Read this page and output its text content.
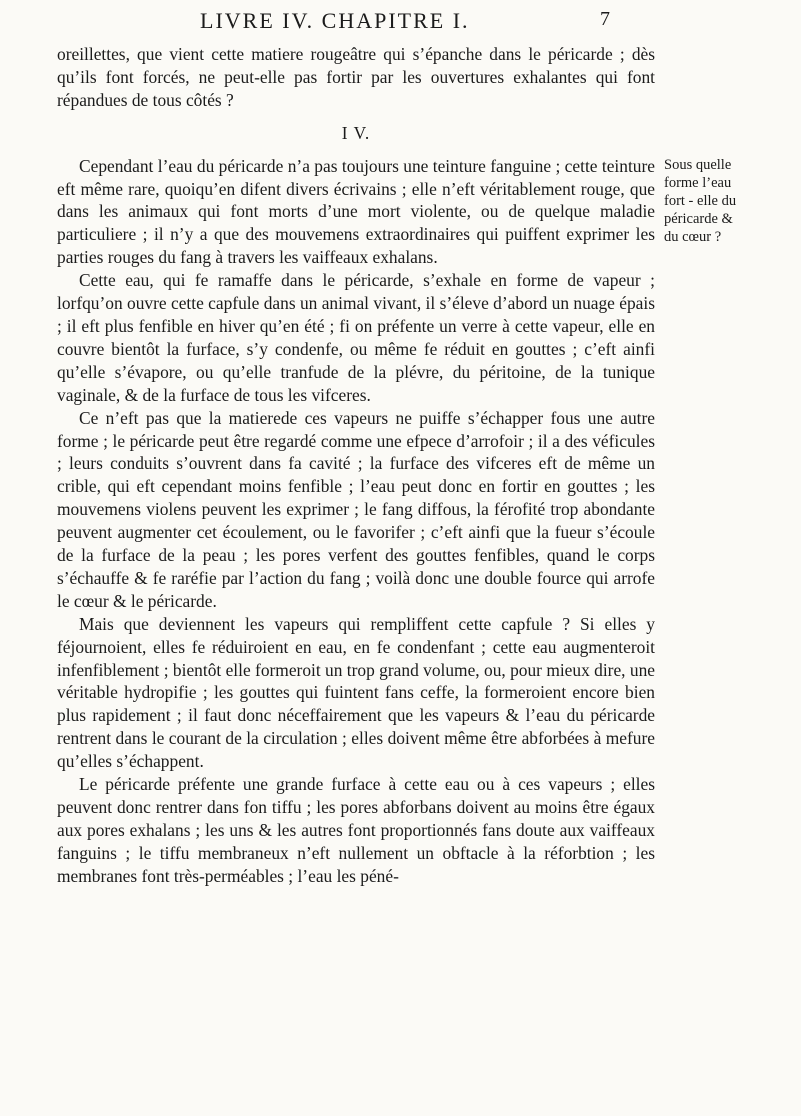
LIVRE IV. CHAPITRE I.	7

oreillettes, que vient cette matiere rougeâtre qui s’épanche dans le péricarde ; dès qu’ils font forcés, ne peut-elle pas fortir par les ouvertures exhalantes qui font répandues de tous côtés ?

I V.

Cependant l’eau du péricarde n’a pas toujours une teinture fanguine ; cette teinture eft même rare, quoiqu’en difent divers écrivains ; elle n’eft véritablement rouge, que dans les animaux qui font morts d’une mort violente, ou de quelque maladie particuliere ; il n’y a que des mouvemens extraordinaires qui puiffent exprimer les parties rouges du fang à travers les vaiffeaux exhalans.

Cette eau, qui fe ramaffe dans le péricarde, s’exhale en forme de vapeur ; lorfqu’on ouvre cette capfule dans un animal vivant, il s’éleve d’abord un nuage épais ; il eft plus fenfible en hiver qu’en été ; fi on préfente un verre à cette vapeur, elle en couvre bientôt la furface, s’y condenfe, ou même fe réduit en gouttes ; c’eft ainfi qu’elle s’évapore, ou qu’elle tranfude de la plévre, du péritoine, de la tunique vaginale, & de la furface de tous les vifceres.

Ce n’eft pas que la matierede ces vapeurs ne puiffe s’échapper fous une autre forme ; le péricarde peut être regardé comme une efpece d’arrofoir ; il a des véficules ; leurs conduits s’ouvrent dans fa cavité ; la furface des vifceres eft de même un crible, qui eft cependant moins fenfible ; l’eau peut donc en fortir en gouttes ; les mouvemens violens peuvent les exprimer ; le fang diffous, la férofité trop abondante peuvent augmenter cet écoulement, ou le favorifer ; c’eft ainfi que la fueur s’écoule de la furface de la peau ; les pores verfent des gouttes fenfibles, quand le corps s’échauffe & fe raréfie par l’action du fang ; voilà donc une double fource qui arrofe le cœur & le péricarde.

Mais que deviennent les vapeurs qui rempliffent cette capfule ? Si elles y féjournoient, elles fe réduiroient en eau, en fe condenfant ; cette eau augmenteroit infenfiblement ; bientôt elle formeroit un trop grand volume, ou, pour mieux dire, une véritable hydropifie ; les gouttes qui fuintent fans ceffe, la formeroient encore bien plus rapidement ; il faut donc néceffairement que les vapeurs & l’eau du péricarde rentrent dans le courant de la circulation ; elles doivent même être abforbées à mefure qu’elles s’échappent.

Le péricarde préfente une grande furface à cette eau ou à ces vapeurs ; elles peuvent donc rentrer dans fon tiffu ; les pores abforbans doivent au moins être égaux aux pores exhalans ; les uns & les autres font proportionnés fans doute aux vaiffeaux fanguins ; le tiffu membraneux n’eft nullement un obftacle à la réforbtion ; les membranes font très-perméables ; l’eau les péné-

Sous quelle
forme l’eau
fort - elle du
péricarde &
du cœur ?
